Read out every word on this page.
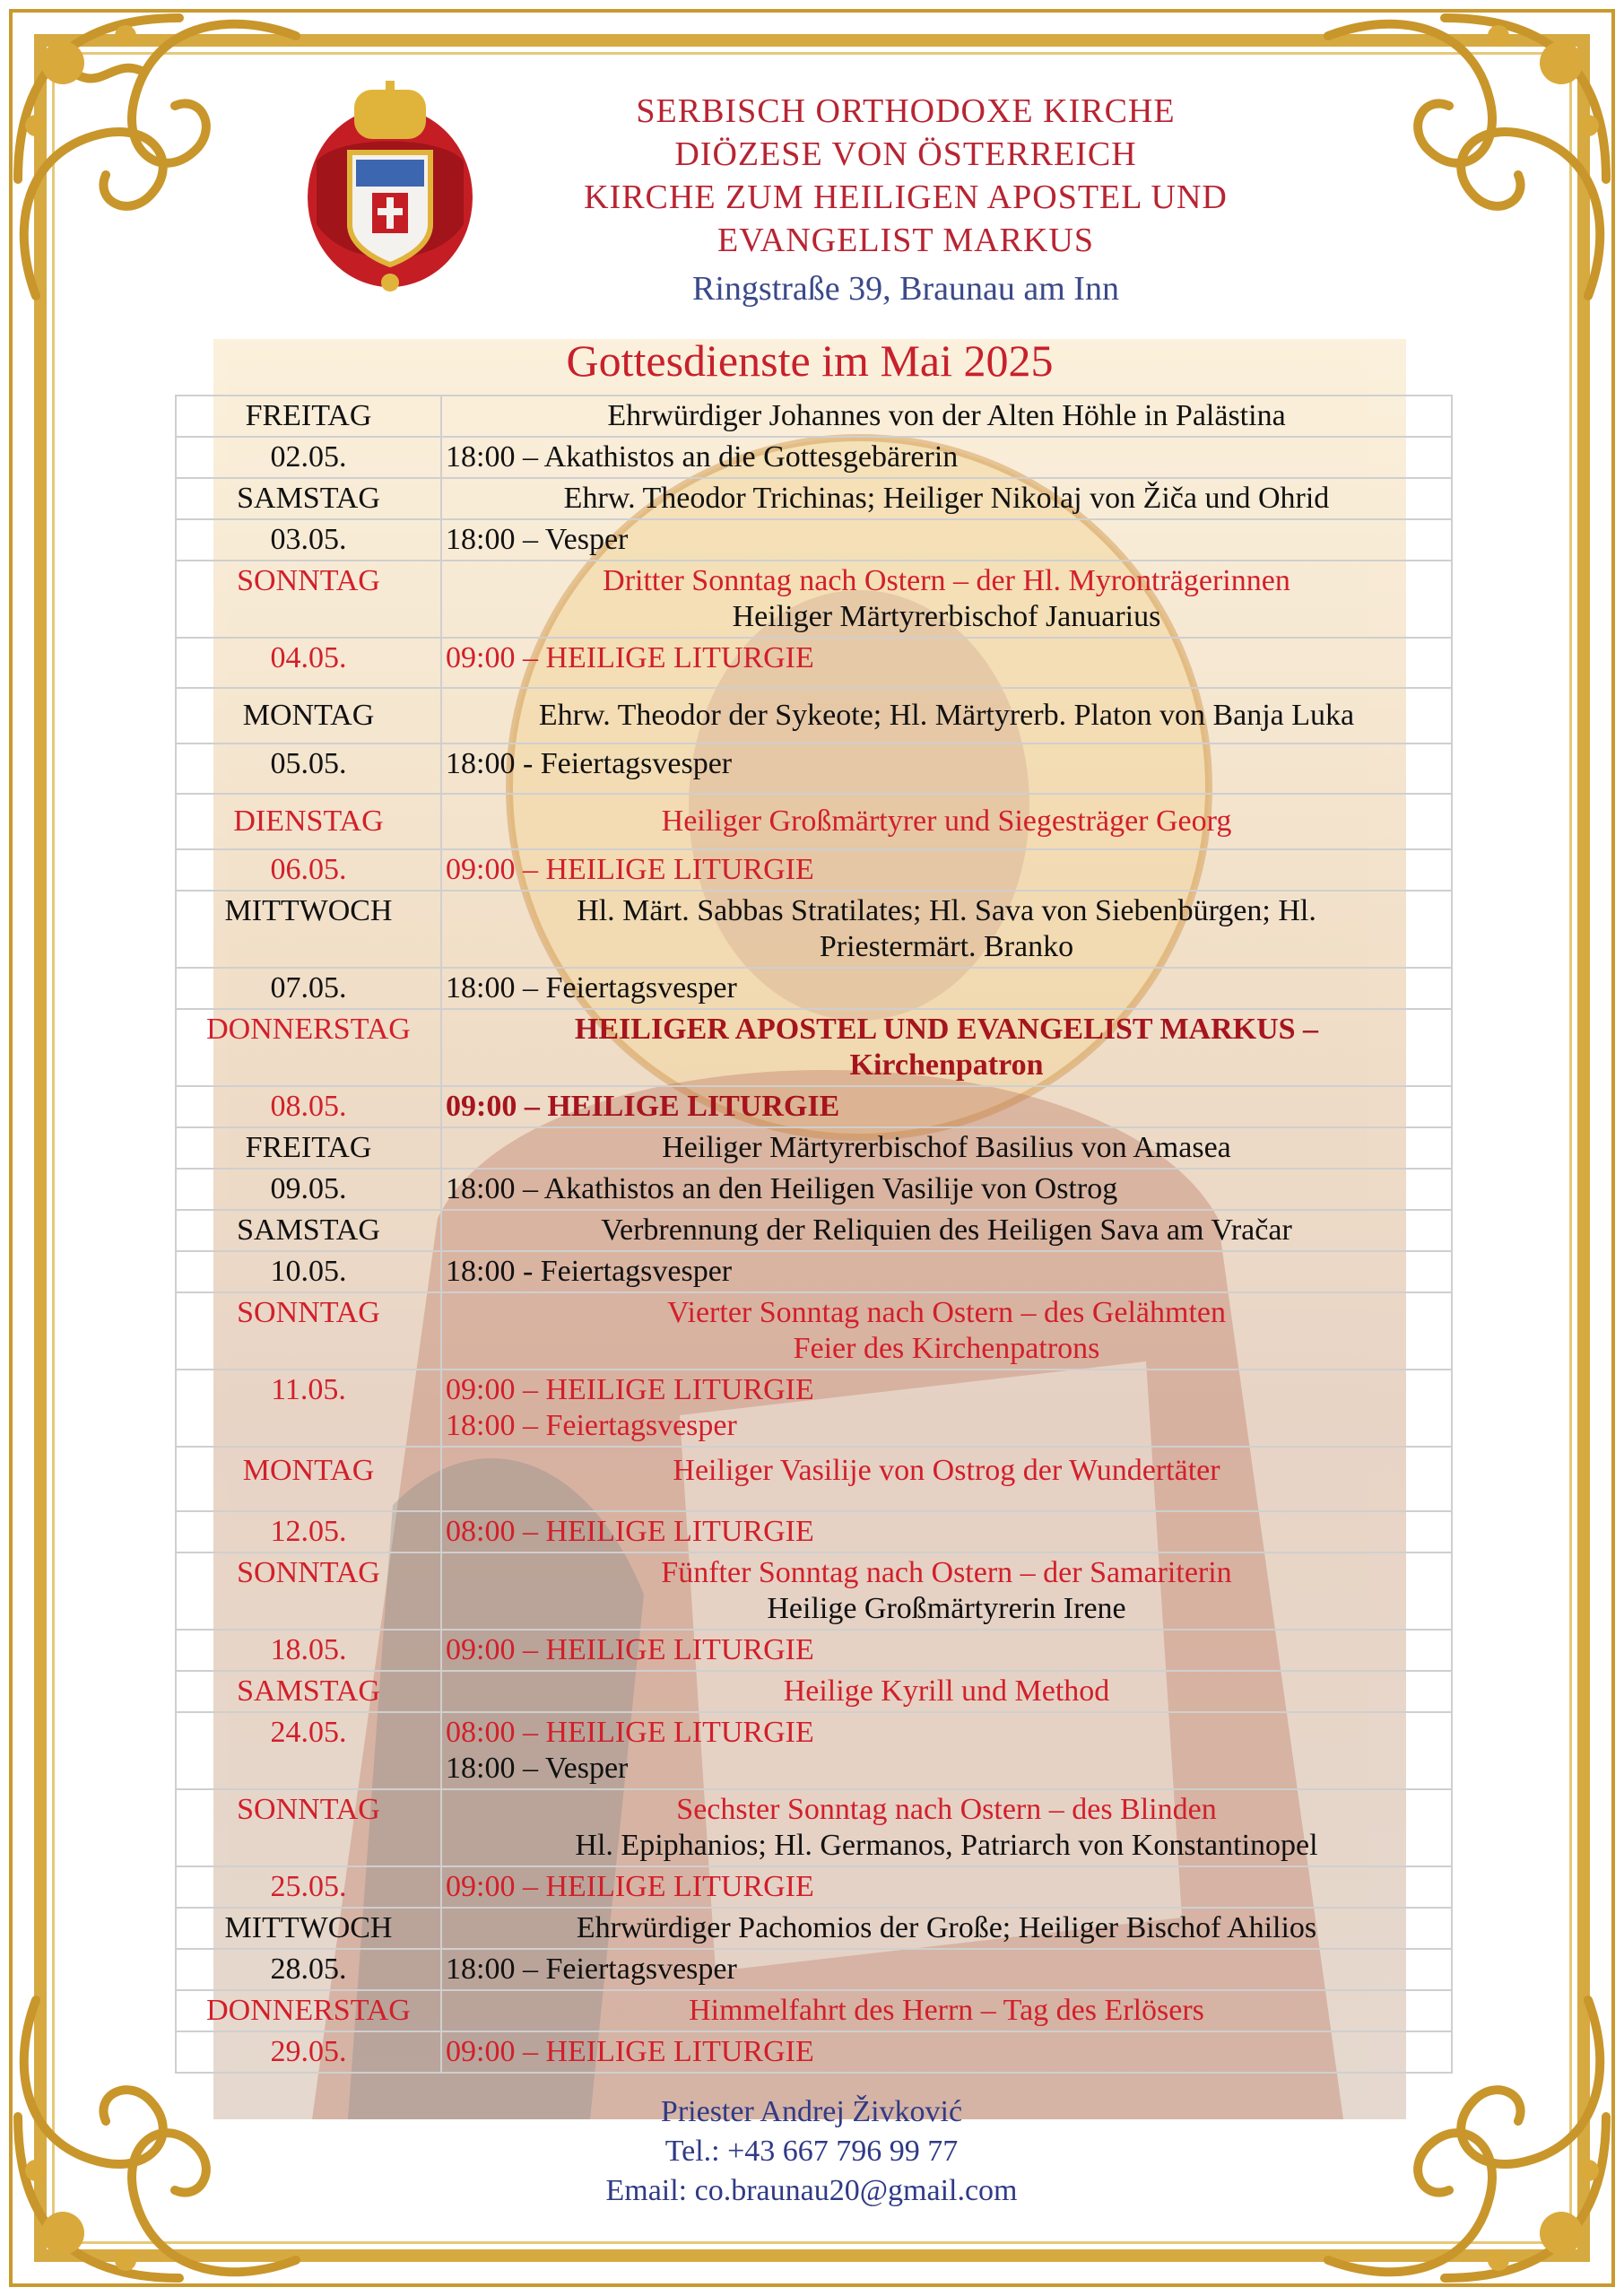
SERBISCH ORTHODOXE KIRCHE
DIÖZESE VON ÖSTERREICH
KIRCHE ZUM HEILIGEN APOSTEL UND
EVANGELIST MARKUS
Ringstraße 39, Braunau am Inn
Gottesdienste im Mai 2025
FREITAG	Ehrwürdiger Johannes von der Alten Höhle in Palästina

02.05.	18:00 – Akathistos an die Gottesgebärerin

SAMSTAG	Ehrw. Theodor Trichinas; Heiliger Nikolaj von Žiča und Ohrid

03.05.	18:00 – Vesper

SONNTAG	Dritter Sonntag nach Ostern – der Hl. Myronträgerinnen
Heiliger Märtyrerbischof Januarius

04.05.	09:00 – HEILIGE LITURGIE

MONTAG	Ehrw. Theodor der Sykeote; Hl. Märtyrerb. Platon von Banja Luka

05.05.	18:00 - Feiertagsvesper

DIENSTAG	Heiliger Großmärtyrer und Siegesträger Georg

06.05.	09:00 – HEILIGE LITURGIE

MITTWOCH	Hl. Märt. Sabbas Stratilates; Hl. Sava von Siebenbürgen; Hl.
Priestermärt. Branko

07.05.	18:00 – Feiertagsvesper

DONNERSTAG	HEILIGER APOSTEL UND EVANGELIST MARKUS –
Kirchenpatron

08.05.	09:00 – HEILIGE LITURGIE

FREITAG	Heiliger Märtyrerbischof Basilius von Amasea

09.05.	18:00 – Akathistos an den Heiligen Vasilije von Ostrog

SAMSTAG	Verbrennung der Reliquien des Heiligen Sava am Vračar

10.05.	18:00 - Feiertagsvesper

SONNTAG	Vierter Sonntag nach Ostern – des Gelähmten
Feier des Kirchenpatrons

11.05.	09:00 – HEILIGE LITURGIE
18:00 – Feiertagsvesper

MONTAG	Heiliger Vasilije von Ostrog der Wundertäter

12.05.	08:00 – HEILIGE LITURGIE

SONNTAG	Fünfter Sonntag nach Ostern – der Samariterin
Heilige Großmärtyrerin Irene

18.05.	09:00 – HEILIGE LITURGIE

SAMSTAG	Heilige Kyrill und Method

24.05.	08:00 – HEILIGE LITURGIE
18:00 – Vesper

SONNTAG	Sechster Sonntag nach Ostern – des Blinden
Hl. Epiphanios; Hl. Germanos, Patriarch von Konstantinopel

25.05.	09:00 – HEILIGE LITURGIE

MITTWOCH	Ehrwürdiger Pachomios der Große; Heiliger Bischof Ahilios

28.05.	18:00 – Feiertagsvesper

DONNERSTAG	Himmelfahrt des Herrn – Tag des Erlösers

29.05.	09:00 – HEILIGE LITURGIE
Priester Andrej Živković
Tel.: +43 667 796 99 77
Email: co.braunau20@gmail.com
